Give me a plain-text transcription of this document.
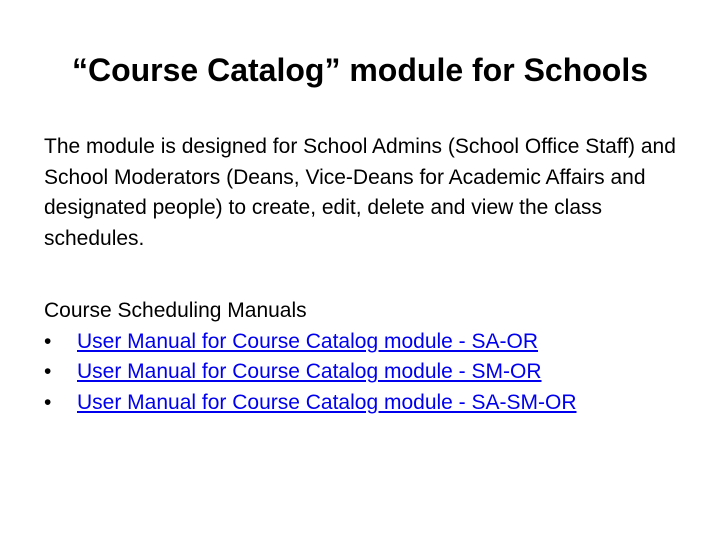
“Course Catalog” module for Schools

The module is designed for School Admins (School Office Staff) and School Moderators (Deans, Vice-Deans for Academic Affairs and designated people) to create, edit, delete and view the class schedules.

Course Scheduling Manuals

•	User Manual for Course Catalog module - SA-OR
•	User Manual for Course Catalog module - SM-OR
•	User Manual for Course Catalog module - SA-SM-OR
